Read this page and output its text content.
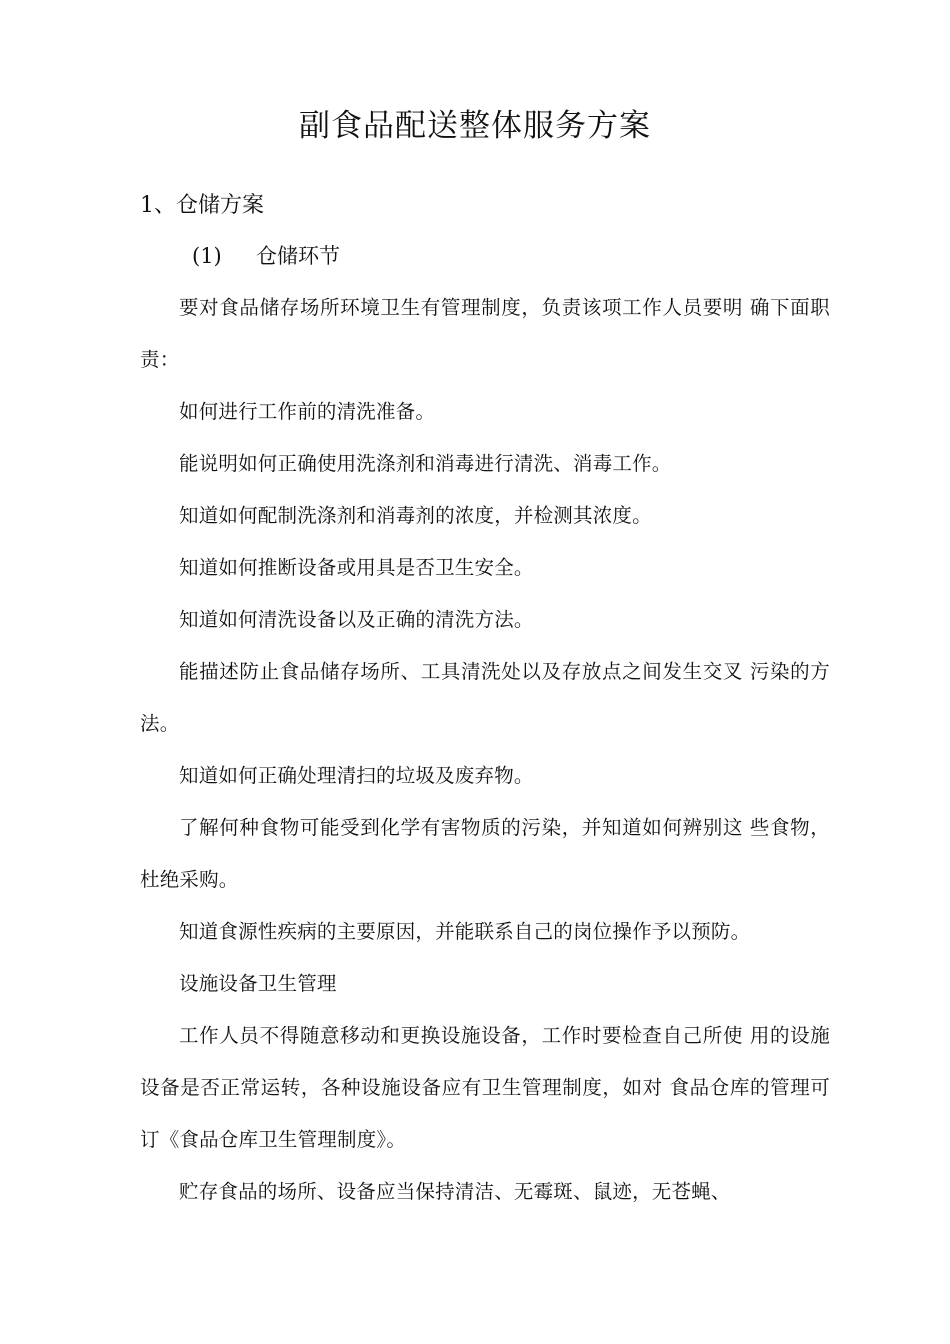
副食品配送整体服务方案
1、仓储方案
(1) 仓储环节

要对食品储存场所环境卫生有管理制度，负责该项工作人员要明 确下面职责：

如何进行工作前的清洗准备。

能说明如何正确使用洗涤剂和消毒进行清洗、消毒工作。

知道如何配制洗涤剂和消毒剂的浓度，并检测其浓度。

知道如何推断设备或用具是否卫生安全。

知道如何清洗设备以及正确的清洗方法。

能描述防止食品储存场所、工具清洗处以及存放点之间发生交叉 污染的方法。

知道如何正确处理清扫的垃圾及废弃物。

了解何种食物可能受到化学有害物质的污染，并知道如何辨别这 些食物，杜绝采购。

知道食源性疾病的主要原因，并能联系自己的岗位操作予以预防。

设施设备卫生管理

工作人员不得随意移动和更换设施设备，工作时要检查自己所使 用的设施设备是否正常运转，各种设施设备应有卫生管理制度，如对 食品仓库的管理可订《食品仓库卫生管理制度》。

贮存食品的场所、设备应当保持清洁、无霉斑、鼠迹，无苍蝇、
